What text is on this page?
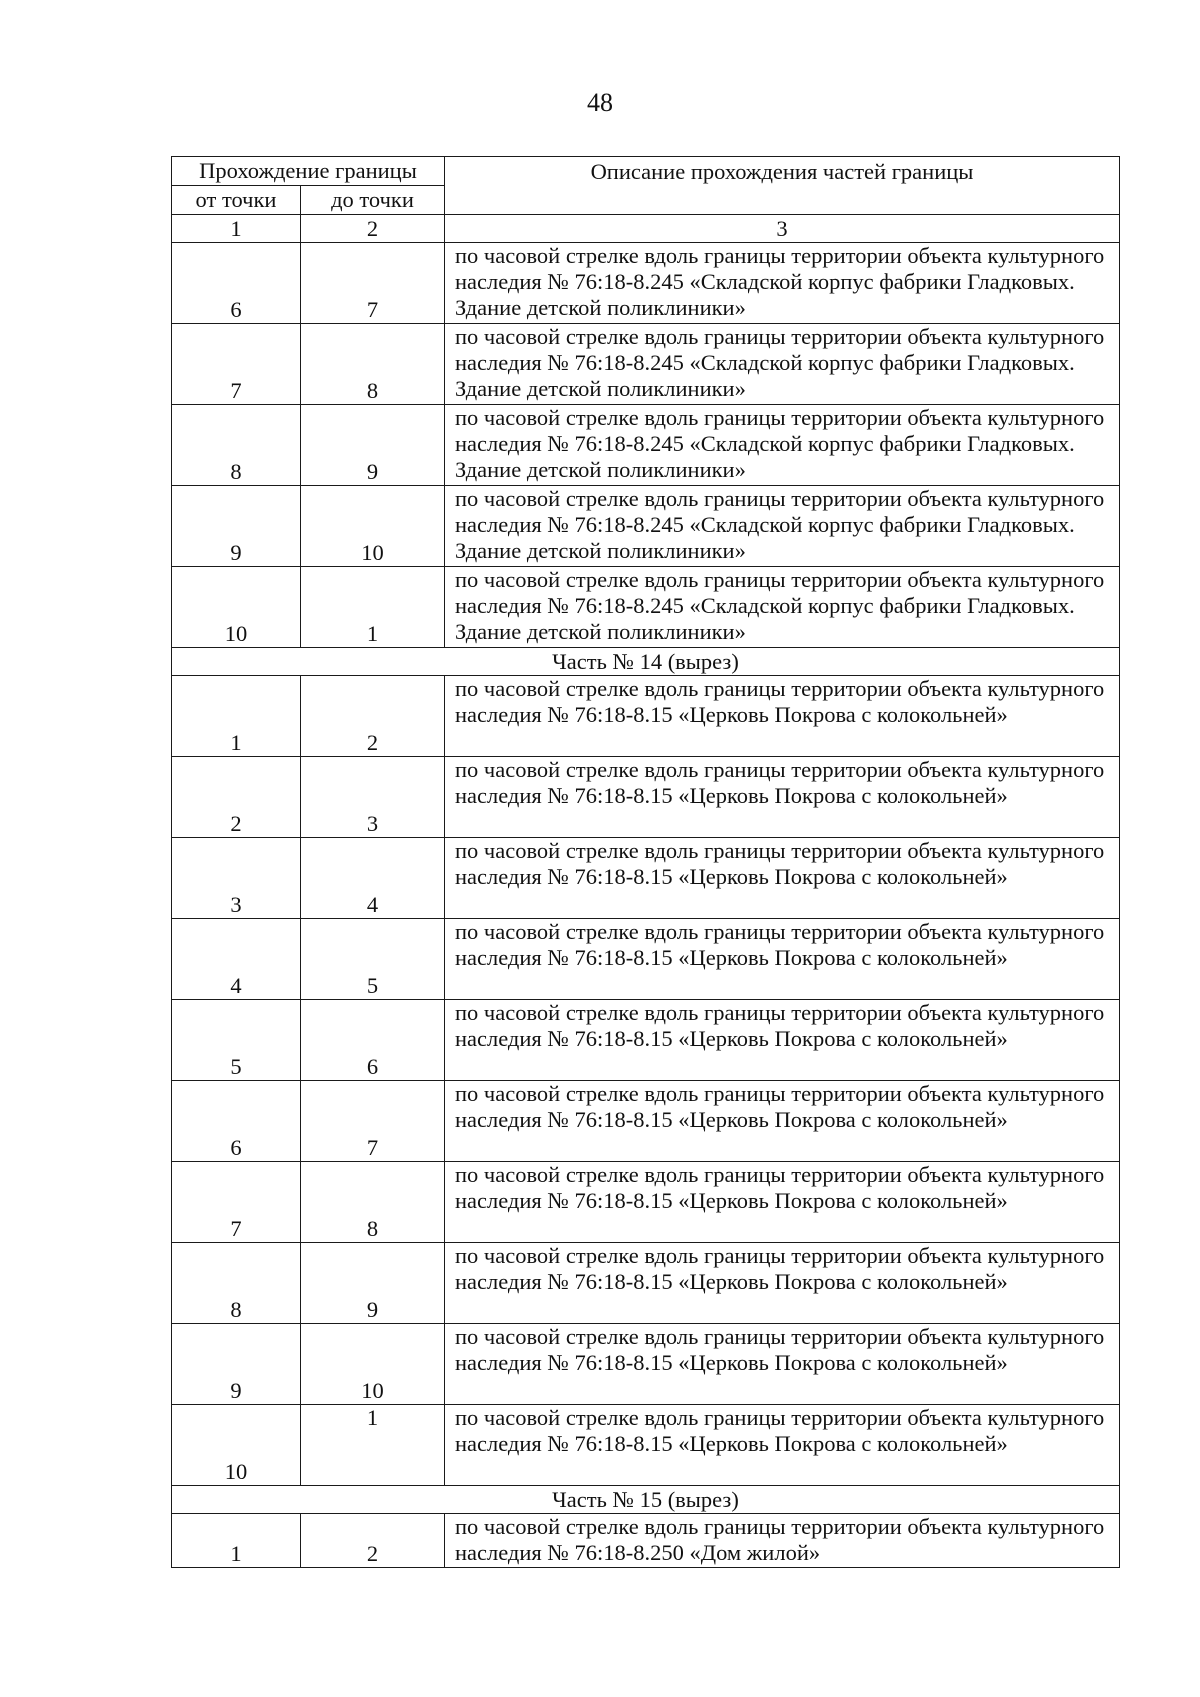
48
Прохождение границы		Описание прохождения частей границы
от точки	до точки	
1	2	3
6	7	по часовой стрелке вдоль границы территории объекта культурного наследия № 76:18-8.245 «Складской корпус фабрики Гладковых. Здание детской поликлиники»
7	8	по часовой стрелке вдоль границы территории объекта культурного наследия № 76:18-8.245 «Складской корпус фабрики Гладковых. Здание детской поликлиники»
8	9	по часовой стрелке вдоль границы территории объекта культурного наследия № 76:18-8.245 «Складской корпус фабрики Гладковых. Здание детской поликлиники»
9	10	по часовой стрелке вдоль границы территории объекта культурного наследия № 76:18-8.245 «Складской корпус фабрики Гладковых. Здание детской поликлиники»
10	1	по часовой стрелке вдоль границы территории объекта культурного наследия № 76:18-8.245 «Складской корпус фабрики Гладковых. Здание детской поликлиники»
Часть № 14 (вырез)		
1	2	по часовой стрелке вдоль границы территории объекта культурного наследия № 76:18-8.15 «Церковь Покрова с колокольней»
2	3	по часовой стрелке вдоль границы территории объекта культурного наследия № 76:18-8.15 «Церковь Покрова с колокольней»
3	4	по часовой стрелке вдоль границы территории объекта культурного наследия № 76:18-8.15 «Церковь Покрова с колокольней»
4	5	по часовой стрелке вдоль границы территории объекта культурного наследия № 76:18-8.15 «Церковь Покрова с колокольней»
5	6	по часовой стрелке вдоль границы территории объекта культурного наследия № 76:18-8.15 «Церковь Покрова с колокольней»
6	7	по часовой стрелке вдоль границы территории объекта культурного наследия № 76:18-8.15 «Церковь Покрова с колокольней»
7	8	по часовой стрелке вдоль границы территории объекта культурного наследия № 76:18-8.15 «Церковь Покрова с колокольней»
8	9	по часовой стрелке вдоль границы территории объекта культурного наследия № 76:18-8.15 «Церковь Покрова с колокольней»
9	10	по часовой стрелке вдоль границы территории объекта культурного наследия № 76:18-8.15 «Церковь Покрова с колокольней»
10	1	по часовой стрелке вдоль границы территории объекта культурного наследия № 76:18-8.15 «Церковь Покрова с колокольней»
Часть № 15 (вырез)		
1	2	по часовой стрелке вдоль границы территории объекта культурного наследия № 76:18-8.250 «Дом жилой»
